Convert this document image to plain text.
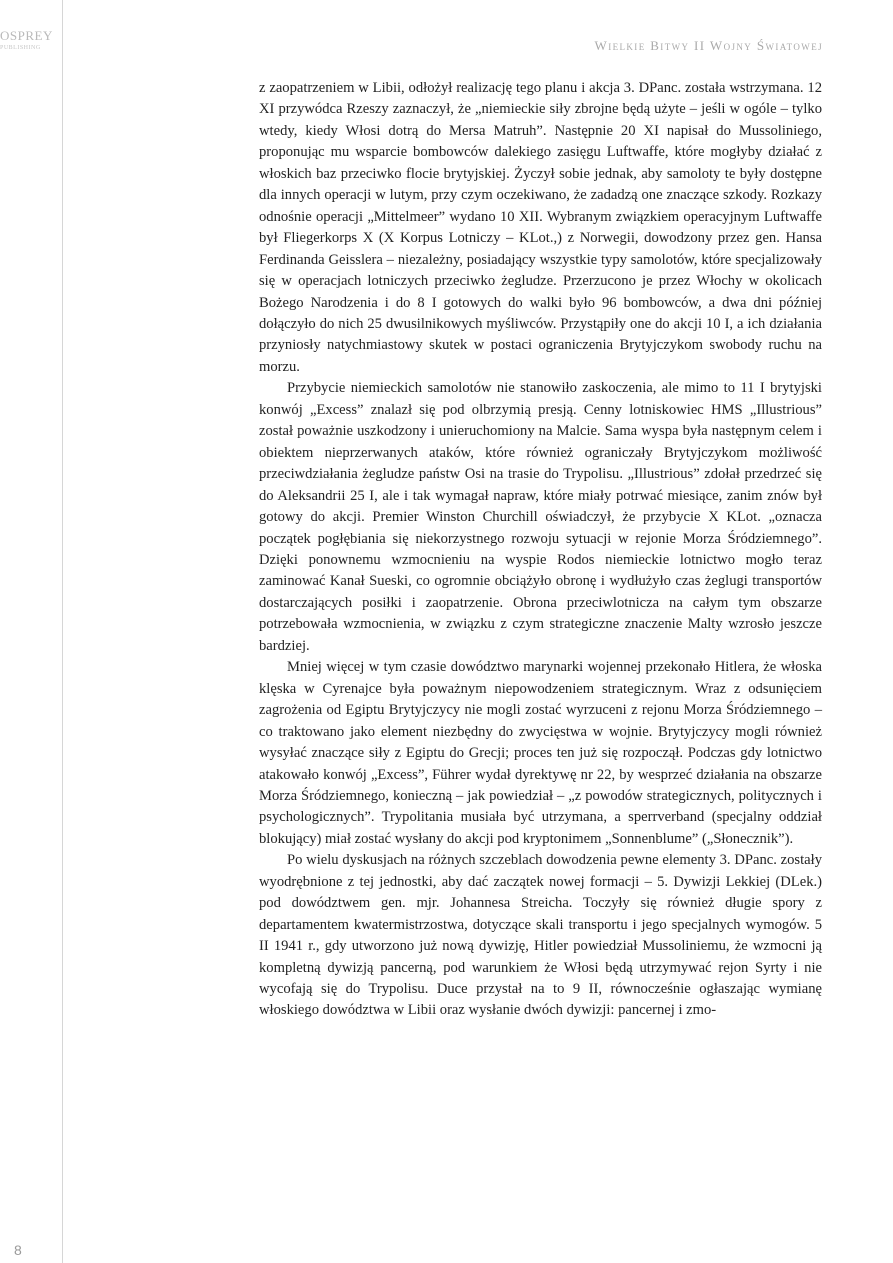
OSPREY
PUBLISHING	Wielkie Bitwy II Wojny Światowej

z zaopatrzeniem w Libii, odłożył realizację tego planu i akcja 3. DPanc. została wstrzymana. 12 XI przywódca Rzeszy zaznaczył, że „niemieckie siły zbrojne będą użyte – jeśli w ogóle – tylko wtedy, kiedy Włosi dotrą do Mersa Matruh”. Następnie 20 XI napisał do Mussoliniego, proponując mu wsparcie bombowców dalekiego zasięgu Luftwaffe, które mogłyby działać z włoskich baz przeciwko flocie brytyjskiej. Życzył sobie jednak, aby samoloty te były dostępne dla innych operacji w lutym, przy czym oczekiwano, że zadadzą one znaczące szkody. Rozkazy odnośnie operacji „Mittelmeer” wydano 10 XII. Wybranym związkiem operacyjnym Luftwaffe był Fliegerkorps X (X Korpus Lotniczy – KLot.,) z Norwegii, dowodzony przez gen. Hansa Ferdinanda Geisslera – niezależny, posiadający wszystkie typy samolotów, które specjalizowały się w operacjach lotniczych przeciwko żegludze. Przerzucono je przez Włochy w okolicach Bożego Narodzenia i do 8 I gotowych do walki było 96 bombowców, a dwa dni później dołączyło do nich 25 dwusilnikowych myśliwców. Przystąpiły one do akcji 10 I, a ich działania przyniosły natychmiastowy skutek w postaci ograniczenia Brytyjczykom swobody ruchu na morzu.

Przybycie niemieckich samolotów nie stanowiło zaskoczenia, ale mimo to 11 I brytyjski konwój „Excess” znalazł się pod olbrzymią presją. Cenny lotniskowiec HMS „Illustrious” został poważnie uszkodzony i unieruchomiony na Malcie. Sama wyspa była następnym celem i obiektem nieprzerwanych ataków, które również ograniczały Brytyjczykom możliwość przeciwdziałania żegludze państw Osi na trasie do Trypolisu. „Illustrious” zdołał przedrzeć się do Aleksandrii 25 I, ale i tak wymagał napraw, które miały potrwać miesiące, zanim znów był gotowy do akcji. Premier Winston Churchill oświadczył, że przybycie X KLot. „oznacza początek pogłębiania się niekorzystnego rozwoju sytuacji w rejonie Morza Śródziemnego”. Dzięki ponownemu wzmocnieniu na wyspie Rodos niemieckie lotnictwo mogło teraz zaminować Kanał Sueski, co ogromnie obciążyło obronę i wydłużyło czas żeglugi transportów dostarczających posiłki i zaopatrzenie. Obrona przeciwlotnicza na całym tym obszarze potrzebowała wzmocnienia, w związku z czym strategiczne znaczenie Malty wzrosło jeszcze bardziej.

Mniej więcej w tym czasie dowództwo marynarki wojennej przekonało Hitlera, że włoska klęska w Cyrenajce była poważnym niepowodzeniem strategicznym. Wraz z odsunięciem zagrożenia od Egiptu Brytyjczycy nie mogli zostać wyrzuceni z rejonu Morza Śródziemnego – co traktowano jako element niezbędny do zwycięstwa w wojnie. Brytyjczycy mogli również wysyłać znaczące siły z Egiptu do Grecji; proces ten już się rozpoczął. Podczas gdy lotnictwo atakowało konwój „Excess”, Führer wydał dyrektywę nr 22, by wesprzeć działania na obszarze Morza Śródziemnego, konieczną – jak powiedział – „z powodów strategicznych, politycznych i psychologicznych”. Trypolitania musiała być utrzymana, a sperrverband (specjalny oddział blokujący) miał zostać wysłany do akcji pod kryptonimem „Sonnenblume” („Słonecznik”).

Po wielu dyskusjach na różnych szczeblach dowodzenia pewne elementy 3. DPanc. zostały wyodrębnione z tej jednostki, aby dać zaczątek nowej formacji – 5. Dywizji Lekkiej (DLek.) pod dowództwem gen. mjr. Johannesa Streicha. Toczyły się również długie spory z departamentem kwatermistrzostwa, dotyczące skali transportu i jego specjalnych wymogów. 5 II 1941 r., gdy utworzono już nową dywizję, Hitler powiedział Mussoliniemu, że wzmocni ją kompletną dywizją pancerną, pod warunkiem że Włosi będą utrzymywać rejon Syrty i nie wycofają się do Trypolisu. Duce przystał na to 9 II, równocześnie ogłaszając wymianę włoskiego dowództwa w Libii oraz wysłanie dwóch dywizji: pancernej i zmo-

8
